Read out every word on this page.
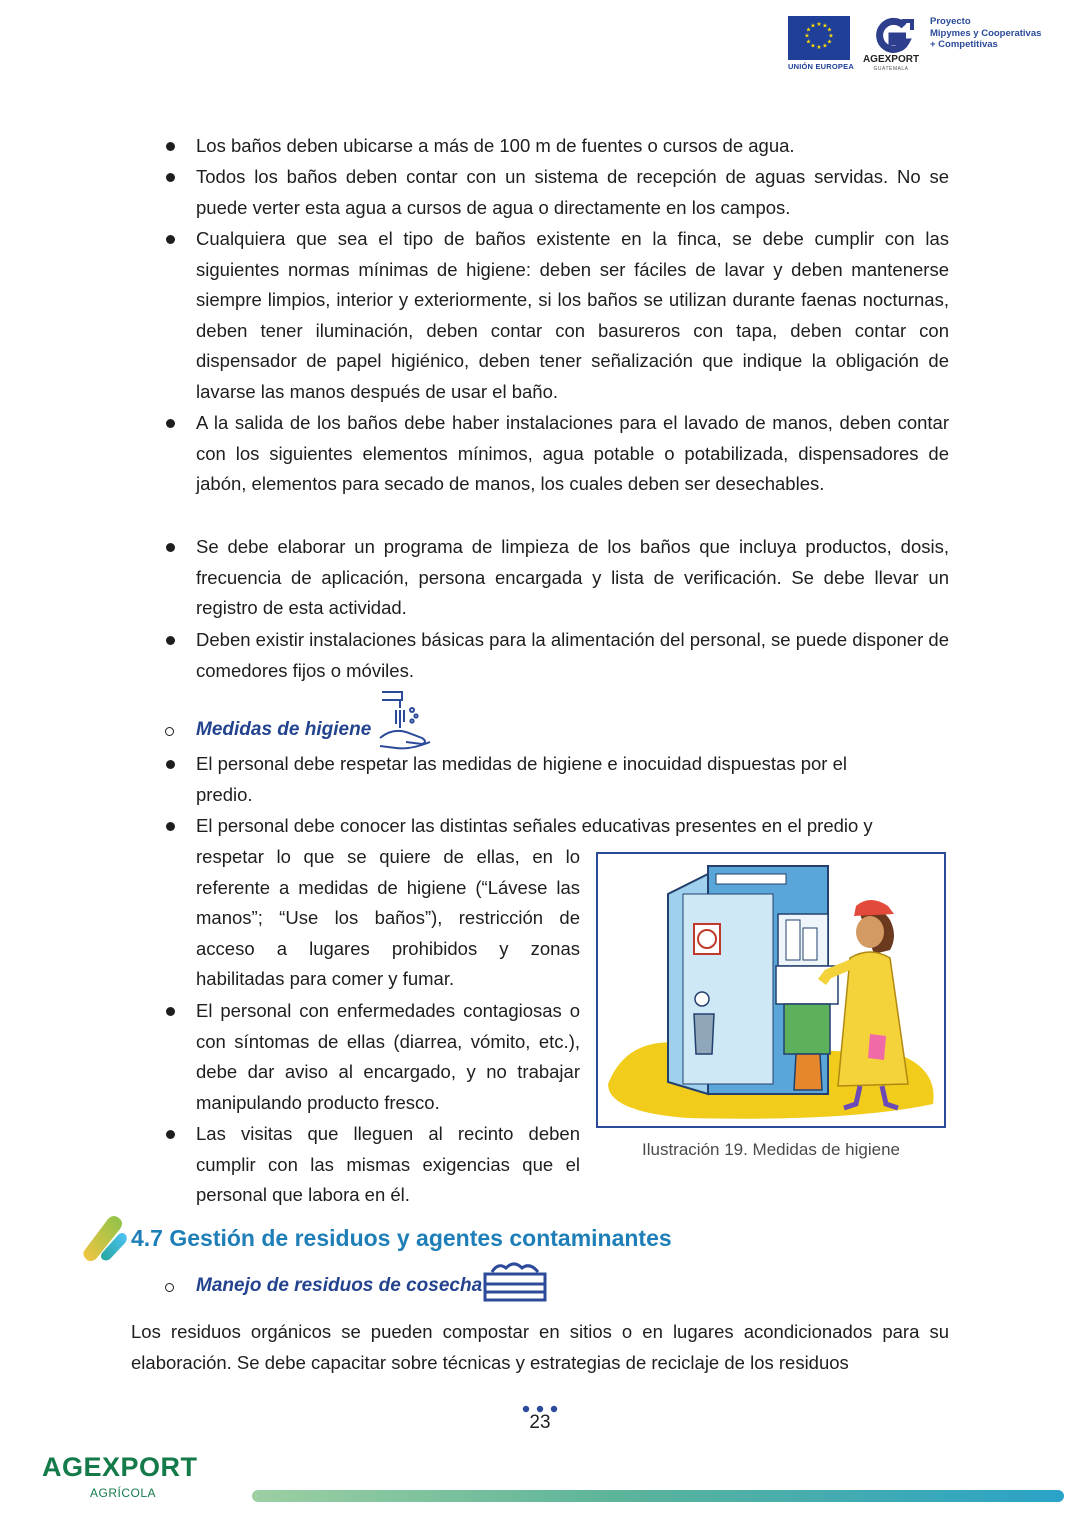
★ ★
★
★
★
★
★
★
★
★
★
★
UNIÓN EUROPEA
AGEXPORT
GUATEMALA
Proyecto
Mipymes y Cooperativas
+ Competitivas

Los baños deben ubicarse a más de 100 m de fuentes o cursos de agua.

Todos los baños deben contar con un sistema de recepción de aguas servidas. No se puede verter esta agua a cursos de agua o directamente en los campos.

Cualquiera que sea el tipo de baños existente en la finca, se debe cumplir con las siguientes normas mínimas de higiene: deben ser fáciles de lavar y deben mantenerse siempre limpios, interior y exteriormente, si los baños se utilizan durante faenas nocturnas, deben tener iluminación, deben contar con basureros con tapa, deben contar con dispensador de papel higiénico, deben tener señalización que indique la obligación de lavarse las manos después de usar el baño.

A la salida de los baños debe haber instalaciones para el lavado de manos, deben contar con los siguientes elementos mínimos, agua potable o potabilizada, dispensadores de jabón, elementos para secado de manos, los cuales deben ser desechables.

Se debe elaborar un programa de limpieza de los baños que incluya productos, dosis, frecuencia de aplicación, persona encargada y lista de verificación. Se debe llevar un registro de esta actividad.

Deben existir instalaciones básicas para la alimentación del personal, se puede disponer de comedores fijos o móviles.

Medidas de higiene

El personal debe respetar las medidas de higiene e inocuidad dispuestas por el predio.

El personal debe conocer las distintas señales educativas presentes en el predio y

respetar lo que se quiere de ellas, en lo referente a medidas de higiene (“Lávese las manos”; “Use los baños”), restricción de acceso a lugares prohibidos y zonas habilitadas para comer y fumar.

El personal con enfermedades contagiosas o con síntomas de ellas (diarrea, vómito, etc.), debe dar aviso al encargado, y no trabajar manipulando producto fresco.

Las visitas que lleguen al recinto deben cumplir con las mismas exigencias que el personal que labora en él.

Ilustración 19. Medidas de higiene
4.7 Gestión de residuos y agentes contaminantes
Manejo de residuos de cosecha

Los residuos orgánicos se pueden compostar en sitios o en lugares acondicionados para su elaboración. Se debe capacitar sobre técnicas y estrategias de reciclaje de los residuos

23
AGEXPORT
AGRÍCOLA
